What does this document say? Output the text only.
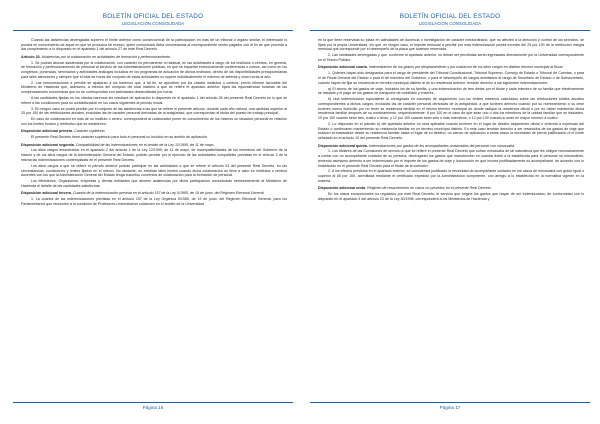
BOLETÍN OFICIAL DEL ESTADO
LEGISLACIÓN CONSOLIDADA

Cuando las asistencias devengadas superen el límite anterior como consecuencia de la participación en más de un tribunal u órgano similar, el interesado lo pondrá en conocimiento de aquel en que se produzca tal exceso, quien comunicará dicha circunstancia al correspondiente centro pagador con el fin de que proceda a dar cumplimiento a lo dispuesto en el apartado 1 del artículo 27 de este Real Decreto.

Artículo 33. Asistencias por la colaboración en actividades de formación y perfeccionamiento.

1. Se podrán abonar asistencias por la colaboración, con carácter no permanente ni habitual, en las actividades a cargo de los institutos o centros, en general, de formación y perfeccionamiento de personal al servicio de las Administraciones públicas, en que se impartan exclusivamente conferencias o cursos, así como en los congresos, ponencias, seminarios y actividades análogas incluidos en los programas de actuación de dichos institutos, dentro de las disponibilidades presupuestarias para tales atenciones y siempre que el total de horas del conjunto de estas actividades no supere individualmente el máximo de setenta y cinco horas al año.

2. Las remuneraciones a percibir se ajustarán a los baremos que, a tal fin, se aprueben por los citados institutos o centros, previo informe favorable del Ministerio de Hacienda que, asimismo, a efectos del cómputo del total máximo a que se refiere el apartado anterior, fijará las equivalencias horarias de las compensaciones económicas que no se correspondan con actividades desarrolladas por horas.

A las cantidades fijadas en los citados baremos les resultará de aplicación lo dispuesto en el apartado 1 del artículo 28 del presente Real Decreto en lo que se refiere a las condiciones para su contabilización en los casos siguientes al periodo inicial.

3. En ningún caso se podrá percibir por el conjunto de las asistencias a las que se refiere el presente artículo, durante cada año natural, una cantidad superior al 25 por 100 de las retribuciones anuales, excluidas las de carácter personal derivadas de la antigüedad, que correspondan al titular del puesto de trabajo principal.

En caso de colaboración en más de un instituto o centro, corresponderá al colaborador poner en conocimiento de los mismos su situación personal en relación con los límites horario y retributivo que se establecen.

Disposición adicional primera. Carácter supletorio.

El presente Real Decreto tiene carácter supletorio para todo el personal no incluido en su ámbito de aplicación.

Disposición adicional segunda. Compatibilidad de las indemnizaciones en el ámbito de la Ley 12/1995, de 11 de mayo.

Los altos cargos enumerados en el apartado 2 del artículo 1 de la Ley 12/1995, de 11 de mayo, de Incompatibilidades de los miembros del Gobierno de la Nación y de los altos cargos de la Administración General del Estado, podrán percibir por el ejercicio de las actividades compatibles previstas en el artículo 3 de la misma las indemnizaciones contempladas en el presente Real Decreto.

Los altos cargos a que se refiere el párrafo anterior podrán participar en las actividades a que se refiere el artículo 33 del presente Real Decreto, en las circunstancias, condiciones y límites fijados en el mismo. No obstante, no existirán tales límites cuando dicha colaboración se lleve a cabo en institutos o centros docentes con los que la Administración General del Estado tenga suscritos convenios de colaboración para la formación de personal.

Los Ministerios, Organismos, empresas y demás entidades que abonen asistencias por dicha participación comunicarán semestralmente al Ministerio de Hacienda el detalle de las cantidades satisfechas.

Disposición adicional tercera. Cuantía de la indemnización prevista en el artículo 157 de la Ley 5/1985, de 19 de junio, del Régimen Electoral General.

1. La cuantía de las indemnizaciones previstas en el artículo 157 de la Ley Orgánica 5/1985, de 19 de junio, del Régimen Electoral General, para los Parlamentarios que renuncien a la condición de Profesores Universitarios colaboren en el ámbito de la Universidad

Página 16
BOLETÍN OFICIAL DEL ESTADO
LEGISLACIÓN CONSOLIDADA

en la que tiene reservada su plaza en actividades de docencia o investigación de carácter extraordinario, que no afecten a la dirección y control de los servicios, se fijará por la propia Universidad, sin que, en ningún caso, el importe mensual a percibir por esta indemnización pueda exceder del 25 por 100 de la retribución íntegra mensual que corresponde por el desempeño de la plaza que tuviesen reservada.

2. Las cantidades devengadas y que, conforme al apartado anterior, no deban ser percibidas serán ingresadas directamente por la Universidad correspondiente en el Tesoro Público.

Disposición adicional cuarta. Indemnización de los gastos por desplazamiento y por traslación de los altos cargos en distinto término municipal al fiscal.

1. Quienes hayan sido designados para el cargo de presidente del Tribunal Constitucional, Tribunal Supremo, Consejo de Estado o Tribunal de Cuentas, o para el de Fiscal General del Estado o para el de miembro del Gobierno, o para el desempeño de cargos asimilados al rango de Secretario de Estado o de Subsecretario, cuando hayan de fijar su residencia en término municipal distinto al de su residencia anterior, tendrán derecho a las siguientes indemnizaciones:

a) El abono de los gastos de viaje, incluidos los de su familia, y una indemnización de tres dietas por el titular y cada miembro de su familia que efectivamente se traslade y el pago de los gastos de transporte de mobiliario y enseres.

b) Una indemnización equivalente al consignado en concepto de alojamiento con los límites máximos calculados sobre las retribuciones totales anuales correspondientes a dichos cargos, excluidas las de carácter personal derivadas de la antigüedad, a que tuvieren derecho cuando por su nombramiento o su cese tuvieren nuevo domicilio por no tener su residencia familiar en el mismo término municipal en donde radique la residencia oficial o por no haber mantenido dicha residencia familiar después de su nombramiento, respectivamente: 8 por 100 en el caso de que sean uno o dos los miembros de la unidad familiar que se trasladen, 10 por 100 cuando sean tres, cuatro o cinco, y 12 por 100 cuando sean seis o más miembros, o 12 por 100 cuando lo sean en mayor número a cuatro.

2. Lo dispuesto en el párrafo b) del apartado anterior no será aplicable cuando tuvieren en el lugar de destino alojamiento oficial o vivienda a expensas del Estado o continuaren manteniendo su residencia familiar en un término municipal distinto. En este caso tendrán derecho a ser resarcidos de los gastos de viaje que realicen al trasladarse desde su residencia familiar hasta el lugar de su destino, no siendo de aplicación a estos casos la necesidad de previa justificación ni el límite señalado en el artículo 10 del presente Real Decreto.

Disposición adicional quinta. Indemnizaciones por gastos de los acompañantes ocasionales del personal con minusvalía.

1. Los titulares de las Comisiones de servicio a que se refiere el presente Real Decreto que sufran minusvalía de tal naturaleza que les obligue necesariamente a contar con un acompañante cuidador de su persona, devengarán los gastos que manutención en cuantía doble a la establecida para el personal no minusválido, teniendo asimismo derecho a ser indemnizado por el importe de los gastos de viaje y locomoción en que incurra justificadamente su acompañante, de acuerdo con lo establecido en el presente Real Decreto para el titular de la comisión.

2. A los efectos previstos en el apartado anterior, se considerará justificado la necesidad de acompañante cuidador en los casos de minusvalía con grado igual o superior al 65 por 100, acreditada mediante el certificado expedido por la Administración competente, con arreglo a lo establecido en la normativa vigente en la materia.

Disposición adicional sexta. Régimen de resarcimiento en casos no previstos en el presente Real Decreto.

En los casos excepcionales no regulados por este Real Decreto, el servicio que origine los gastos que hayan de ser indemnizados, de conformidad con lo dispuesto en el apartado 4 del artículo 23 de la Ley 30/1998, corresponderá a los Ministerios de Hacienda y

Página 17
